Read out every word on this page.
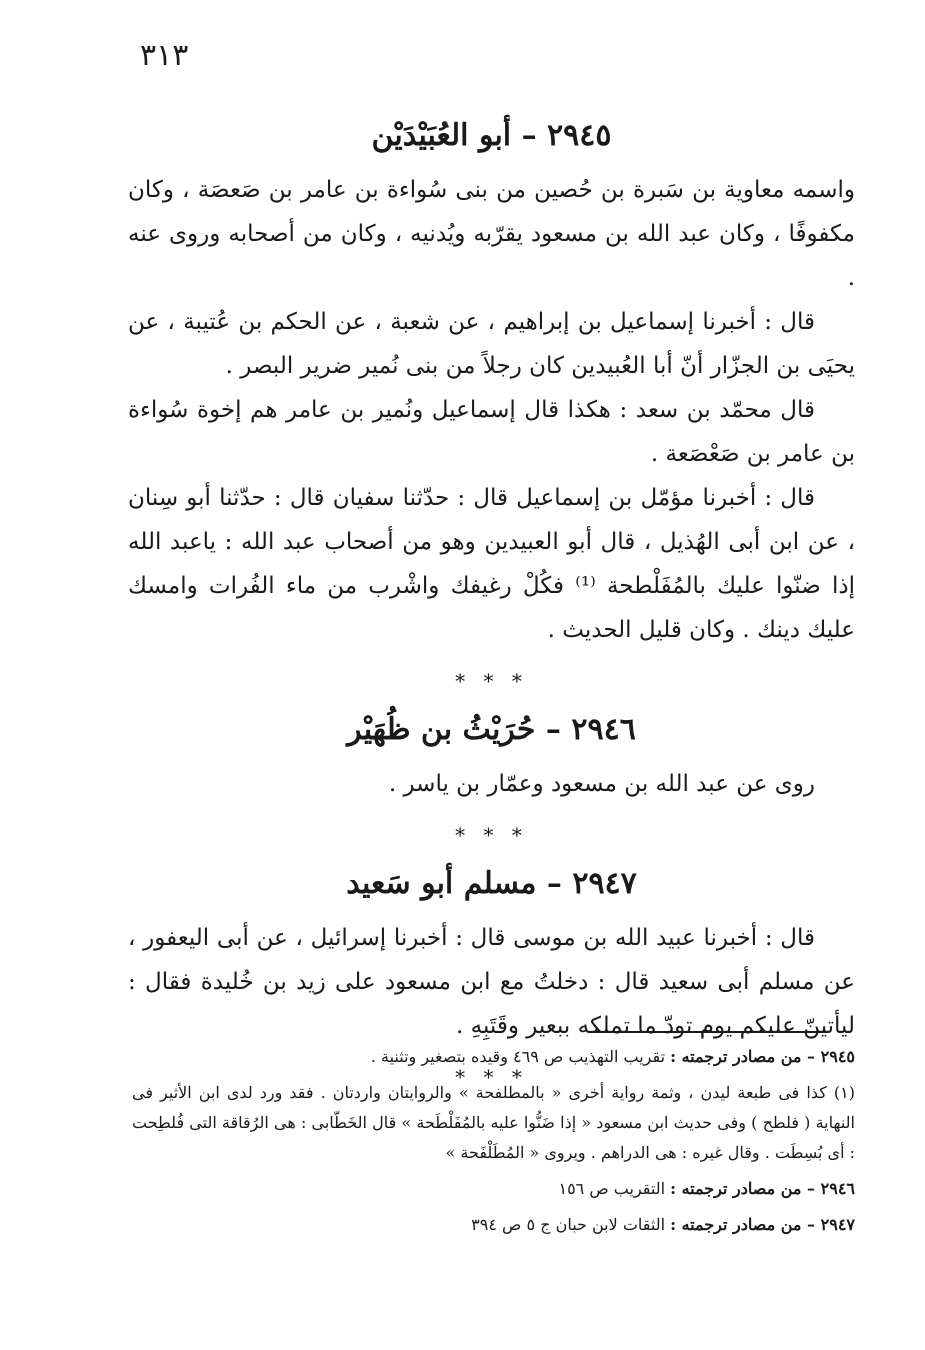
٣١٣
٢٩٤٥ – أبو العُبَيْدَيْن

واسمه معاوية بن سَبرة بن حُصين من بنى سُواءة بن عامر بن صَعصَة ، وكان مكفوفًا ، وكان عبد الله بن مسعود يقرّبه ويُدنيه ، وكان من أصحابه وروى عنه .

قال : أخبرنا إسماعيل بن إبراهيم ، عن شعبة ، عن الحكم بن عُتيبة ، عن يحيَى بن الجزّار أنّ أبا العُبيدين كان رجلاً من بنى نُمير ضرير البصر .

قال محمّد بن سعد : هكذا قال إسماعيل ونُمير بن عامر هم إخوة سُواءة بن عامر بن صَعْصَعة .

قال : أخبرنا مؤمّل بن إسماعيل قال : حدّثنا سفيان قال : حدّثنا أبو سِنان ، عن ابن أبى الهُذيل ، قال أبو العبيدين وهو من أصحاب عبد الله : ياعبد الله إذا ضنّوا عليك بالمُفَلْطحة ⁽¹⁾ فكُلْ رغيفك واشْرب من ماء الفُرات وامسك عليك دينك . وكان قليل الحديث .

* * *
٢٩٤٦ – حُرَيْثُ بن ظُهَيْر

روى عن عبد الله بن مسعود وعمّار بن ياسر .

* * *
٢٩٤٧ – مسلم أبو سَعيد

قال : أخبرنا عبيد الله بن موسى قال : أخبرنا إسرائيل ، عن أبى اليعفور ، عن مسلم أبى سعيد قال : دخلتُ مع ابن مسعود على زيد بن خُليدة فقال : ليأتينّ عليكم يوم تودّ ما تملكه ببعير وقَتَبِهِ .

* * *

٢٩٤٥ – من مصادر ترجمته : تقريب التهذيب ص ٤٦٩ وقيده بتصغير وتثنية .

(١) كذا فى طبعة ليدن ، وثمة رواية أخرى « بالمطلفحة » والروايتان واردتان . فقد ورد لدى ابن الأثير فى النهاية ( فلطح ) وفى حديث ابن مسعود « إذا ضَنُّوا عليه بالمُفَلْطَحة » قال الخَطّابى : هى الرُقاقة التى فُلطِحت : أى بُسِطَت . وقال غيره : هى الدراهم . ويروى « المُطَلْفَحة »

٢٩٤٦ – من مصادر ترجمته : التقريب ص ١٥٦

٢٩٤٧ – من مصادر ترجمته : الثقات لابن حبان ج ٥ ص ٣٩٤
